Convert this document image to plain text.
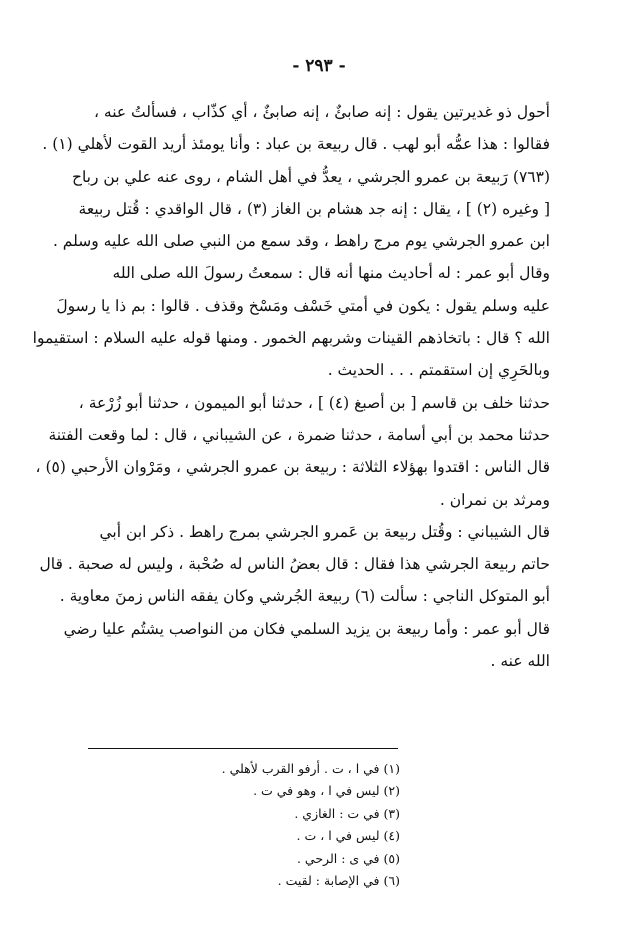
- ٢٩٣ -
أحول ذو غديرتين يقول : إنه صابئٌ ، إنه صابئٌ ، أي كذّاب ، فسألتُ عنه ،
فقالوا : هذا عمُّه أبو لهب . قال ربيعة بن عباد : وأنا يومئذ أريد القوت لأهلي (١) .
(٧٦٣) رَبيعة بن عمرو الجرشي ، يعدُّ في أهل الشام ، روى عنه علي بن رباح
[ وغيره (٢) ] ، يقال : إنه جد هشام بن الغاز (٣) ، قال الواقدي : قُتل ربيعة
ابن عمرو الجرشي يوم مرج راهط ، وقد سمع من النبي صلى الله عليه وسلم .
وقال أبو عمر : له أحاديث منها أنه قال : سمعتُ رسولَ الله صلى الله
عليه وسلم يقول : يكون في أمتي خَسْف ومَسْخ وقذف . قالوا : بم ذا يا رسولَ
الله ؟ قال : باتخاذهم القينات وشربهم الخمور . ومنها قوله عليه السلام : استقيموا
وبالحَرِي إن استقمتم . . . الحديث .
حدثنا خلف بن قاسم [ بن أصبغ (٤) ] ، حدثنا أبو الميمون ، حدثنا أبو زُرْعة ،
حدثنا محمد بن أبي أسامة ، حدثنا ضمرة ، عن الشيباني ، قال : لما وقعت الفتنة
قال الناس : اقتدوا بهؤلاء الثلاثة : ربيعة بن عمرو الجرشي ، ومَرْوان الأرحبي (٥) ،
ومرثد بن نمران .
قال الشيباني : وقُتل ربيعة بن عَمرو الجرشي بمرج راهط . ذكر ابن أبي
حاتم ربيعة الجرشي هذا فقال : قال بعضُ الناس له صُحْبة ، وليس له صحبة . قال
أبو المتوكل الناجي : سألت (٦) ربيعة الجُرشي وكان يفقه الناس زمنَ معاوية .
قال أبو عمر : وأما ربيعة بن يزيد السلمي فكان من النواصب يشتُم عليا رضي
الله عنه .
(١) في ا ، ت . أرفو القرب لأهلي .
(٢) ليس في ا ، وهو في ت .
(٣) في ت : الغازي .
(٤) ليس في ا ، ت .
(٥) في ى : الرحي .
(٦) في الإصابة : لقيت .
